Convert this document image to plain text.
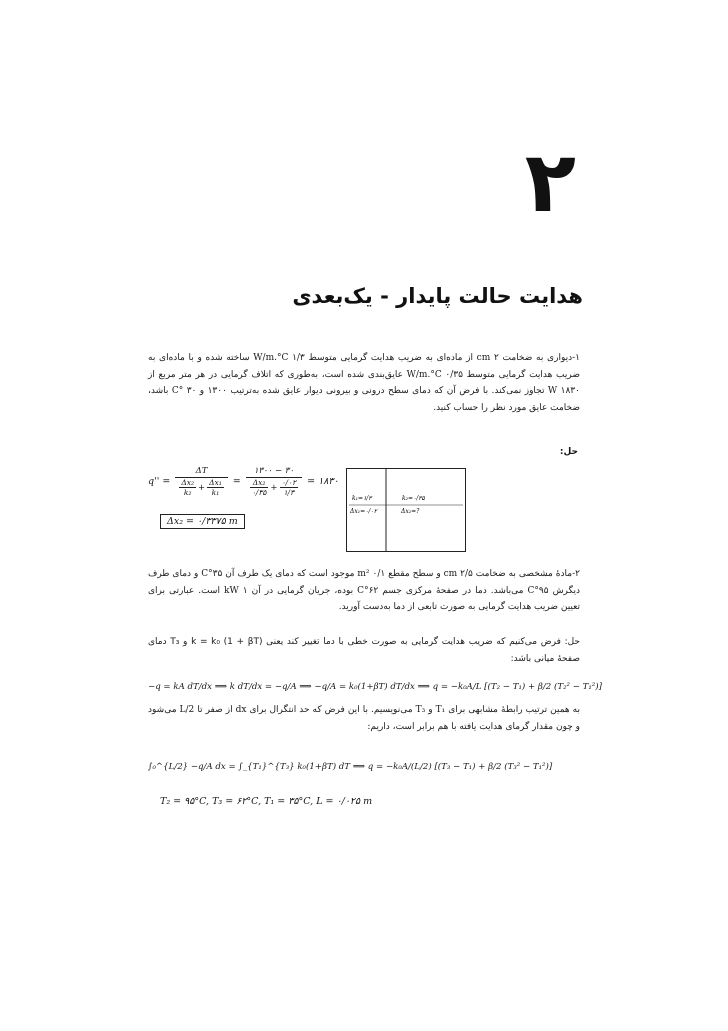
۲
هدایت حالت پایدار - یک‌بعدی

۱-دیواری به ضخامت ۲ cm از ماده‌ای به ضریب هدایت گرمایی متوسط ۱/۳ W/m.°C ساخته شده و با ماده‌ای به ضریب هدایت گرمایی متوسط ۰/۳۵ W/m.°C عایق‌بندی شده است، به‌طوری که اتلاف گرمایی در هر متر مربع از ۱۸۳۰ W تجاوز نمی‌کند. با فرض آن که دمای سطح درونی و بیرونی دیوار عایق شده به‌ترتیب ۱۳۰۰ و ۳۰ °C باشد، ضخامت عایق مورد نظر را حساب کنید.

حل:
$q'' = \frac{\Delta T}{\frac{\text{Δx₂}}{\text{k₂}} + \frac{\text{Δx₁}}{\text{k₁}}} = \frac{۱۳۰۰ - ۳۰}{\frac{\text{Δx₂}}{۰/۳۵} + \frac{۰/۰۲}{۱/۳}}$ = ۱۸۳۰
Δx₂ = ۰/۳۳۷۵ m
k₁=۱/۳	k₂=۰/۳۵
Δx₁=۰/۰۲	Δx₂=?

۲-مادهٔ مشخصی به ضخامت ۲/۵ cm و سطح مقطع ۰/۱ m² موجود است که دمای یک طرف آن ۳۵°C و دمای طرف دیگرش ۹۵°C می‌باشد. دما در صفحهٔ مرکزی جسم ۶۲°C بوده، جریان گرمایی در آن ۱ kW است. عبارتی برای تعیین ضریب هدایت گرمایی به صورت تابعی از دما به‌دست آورید.

حل: فرض می‌کنیم که ضریب هدایت گرمایی به صورت خطی با دما تغییر کند یعنی k = k₀ (1 + βT) و T₃ دمای صفحهٔ میانی باشد:

−q = kA dT/dx ⟹ k dT/dx = −q/A ⟹ −q/A = k₀(1+βT) dT/dx ⟹ q = −k₀A/L [(T₂ − T₁) + β/2 (T₂² − T₁²)]

به همین ترتیب رابطهٔ مشابهی برای T₁ و T₃ می‌نویسیم. با این فرض که حد انتگرال برای dx از صفر تا L/2 می‌شود و چون مقدار گرمای هدایت یافته با هم برابر است، داریم:

∫₀^{L/2} −q/A dx = ∫_{T₁}^{T₃} k₀(1+βT) dT ⟹ q = −k₀A/(L/2) [(T₃ − T₁) + β/2 (T₃² − T₁²)]
T₂ = ۹۵°C, T₃ = ۶۲°C, T₁ = ۳۵°C, L = ۰/۰۲۵ m
